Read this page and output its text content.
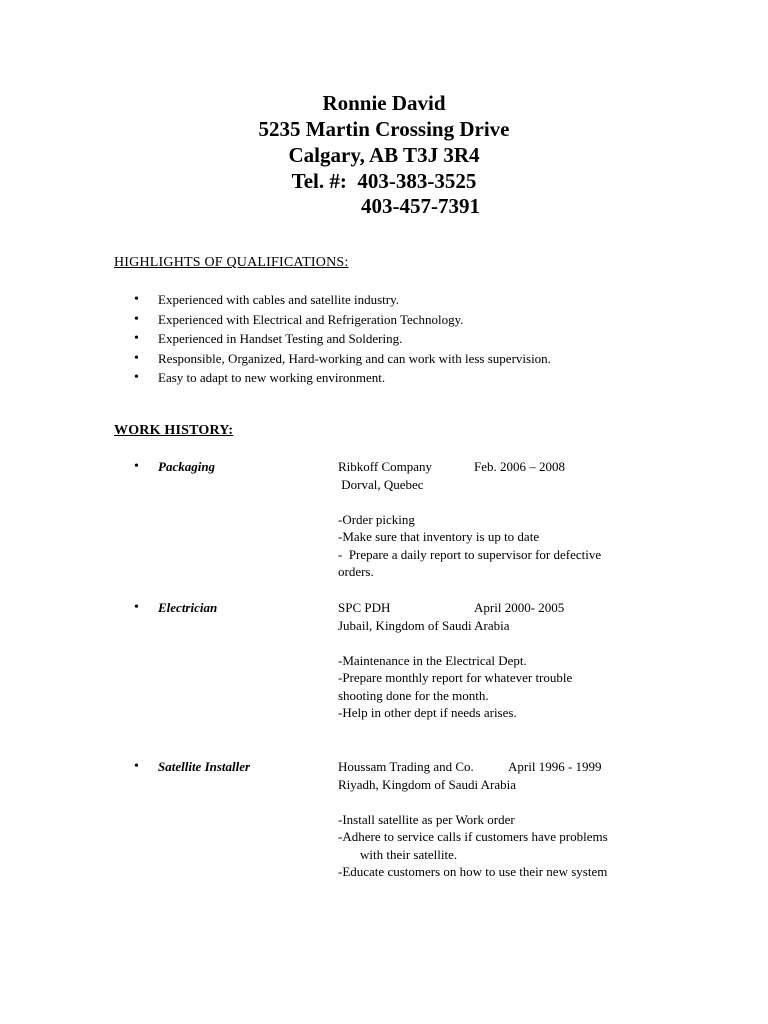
Ronnie David
5235 Martin Crossing Drive
Calgary, AB T3J 3R4
Tel. #:  403-383-3525
403-457-7391
HIGHLIGHTS OF QUALIFICATIONS:
• Experienced with cables and satellite industry.
• Experienced with Electrical and Refrigeration Technology.
• Experienced in Handset Testing and Soldering.
• Responsible, Organized, Hard-working and can work with less supervision.
• Easy to adapt to new working environment.
WORK HISTORY:
• Packaging	Ribkoff Company	Feb. 2006 – 2008
Dorval, Quebec
-Order picking
-Make sure that inventory is up to date
-  Prepare a daily report to supervisor for defective
orders.
• Electrician	SPC PDH	April 2000- 2005
Jubail, Kingdom of Saudi Arabia
-Maintenance in the Electrical Dept.
-Prepare monthly report for whatever trouble
shooting done for the month.
-Help in other dept if needs arises.
• Satellite Installer	Houssam Trading and Co.	April 1996 - 1999
Riyadh, Kingdom of Saudi Arabia
-Install satellite as per Work order
-Adhere to service calls if customers have problems
with their satellite.
-Educate customers on how to use their new system
